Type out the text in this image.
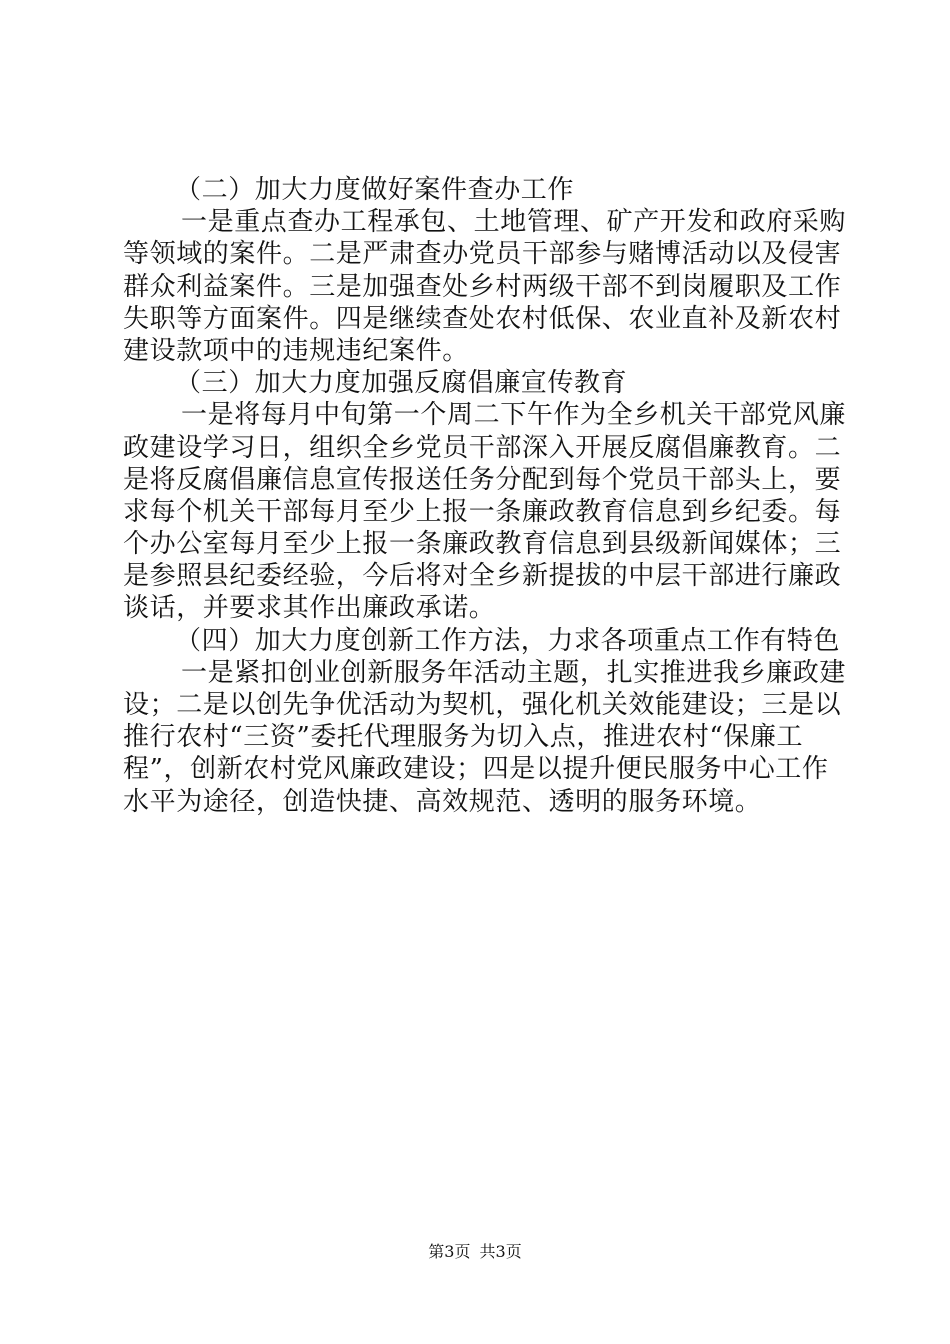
（二）加大力度做好案件查办工作
一是重点查办工程承包、土地管理、矿产开发和政府采购
等领域的案件。二是严肃查办党员干部参与赌博活动以及侵害
群众利益案件。三是加强查处乡村两级干部不到岗履职及工作
失职等方面案件。四是继续查处农村低保、农业直补及新农村
建设款项中的违规违纪案件。
（三）加大力度加强反腐倡廉宣传教育
一是将每月中旬第一个周二下午作为全乡机关干部党风廉
政建设学习日，组织全乡党员干部深入开展反腐倡廉教育。二
是将反腐倡廉信息宣传报送任务分配到每个党员干部头上，要
求每个机关干部每月至少上报一条廉政教育信息到乡纪委。每
个办公室每月至少上报一条廉政教育信息到县级新闻媒体；三
是参照县纪委经验，今后将对全乡新提拔的中层干部进行廉政
谈话，并要求其作出廉政承诺。
（四）加大力度创新工作方法，力求各项重点工作有特色
一是紧扣创业创新服务年活动主题，扎实推进我乡廉政建
设；二是以创先争优活动为契机，强化机关效能建设；三是以
推行农村“三资”委托代理服务为切入点，推进农村“保廉工
程”，创新农村党风廉政建设；四是以提升便民服务中心工作
水平为途径，创造快捷、高效规范、透明的服务环境。
第3页 共3页
